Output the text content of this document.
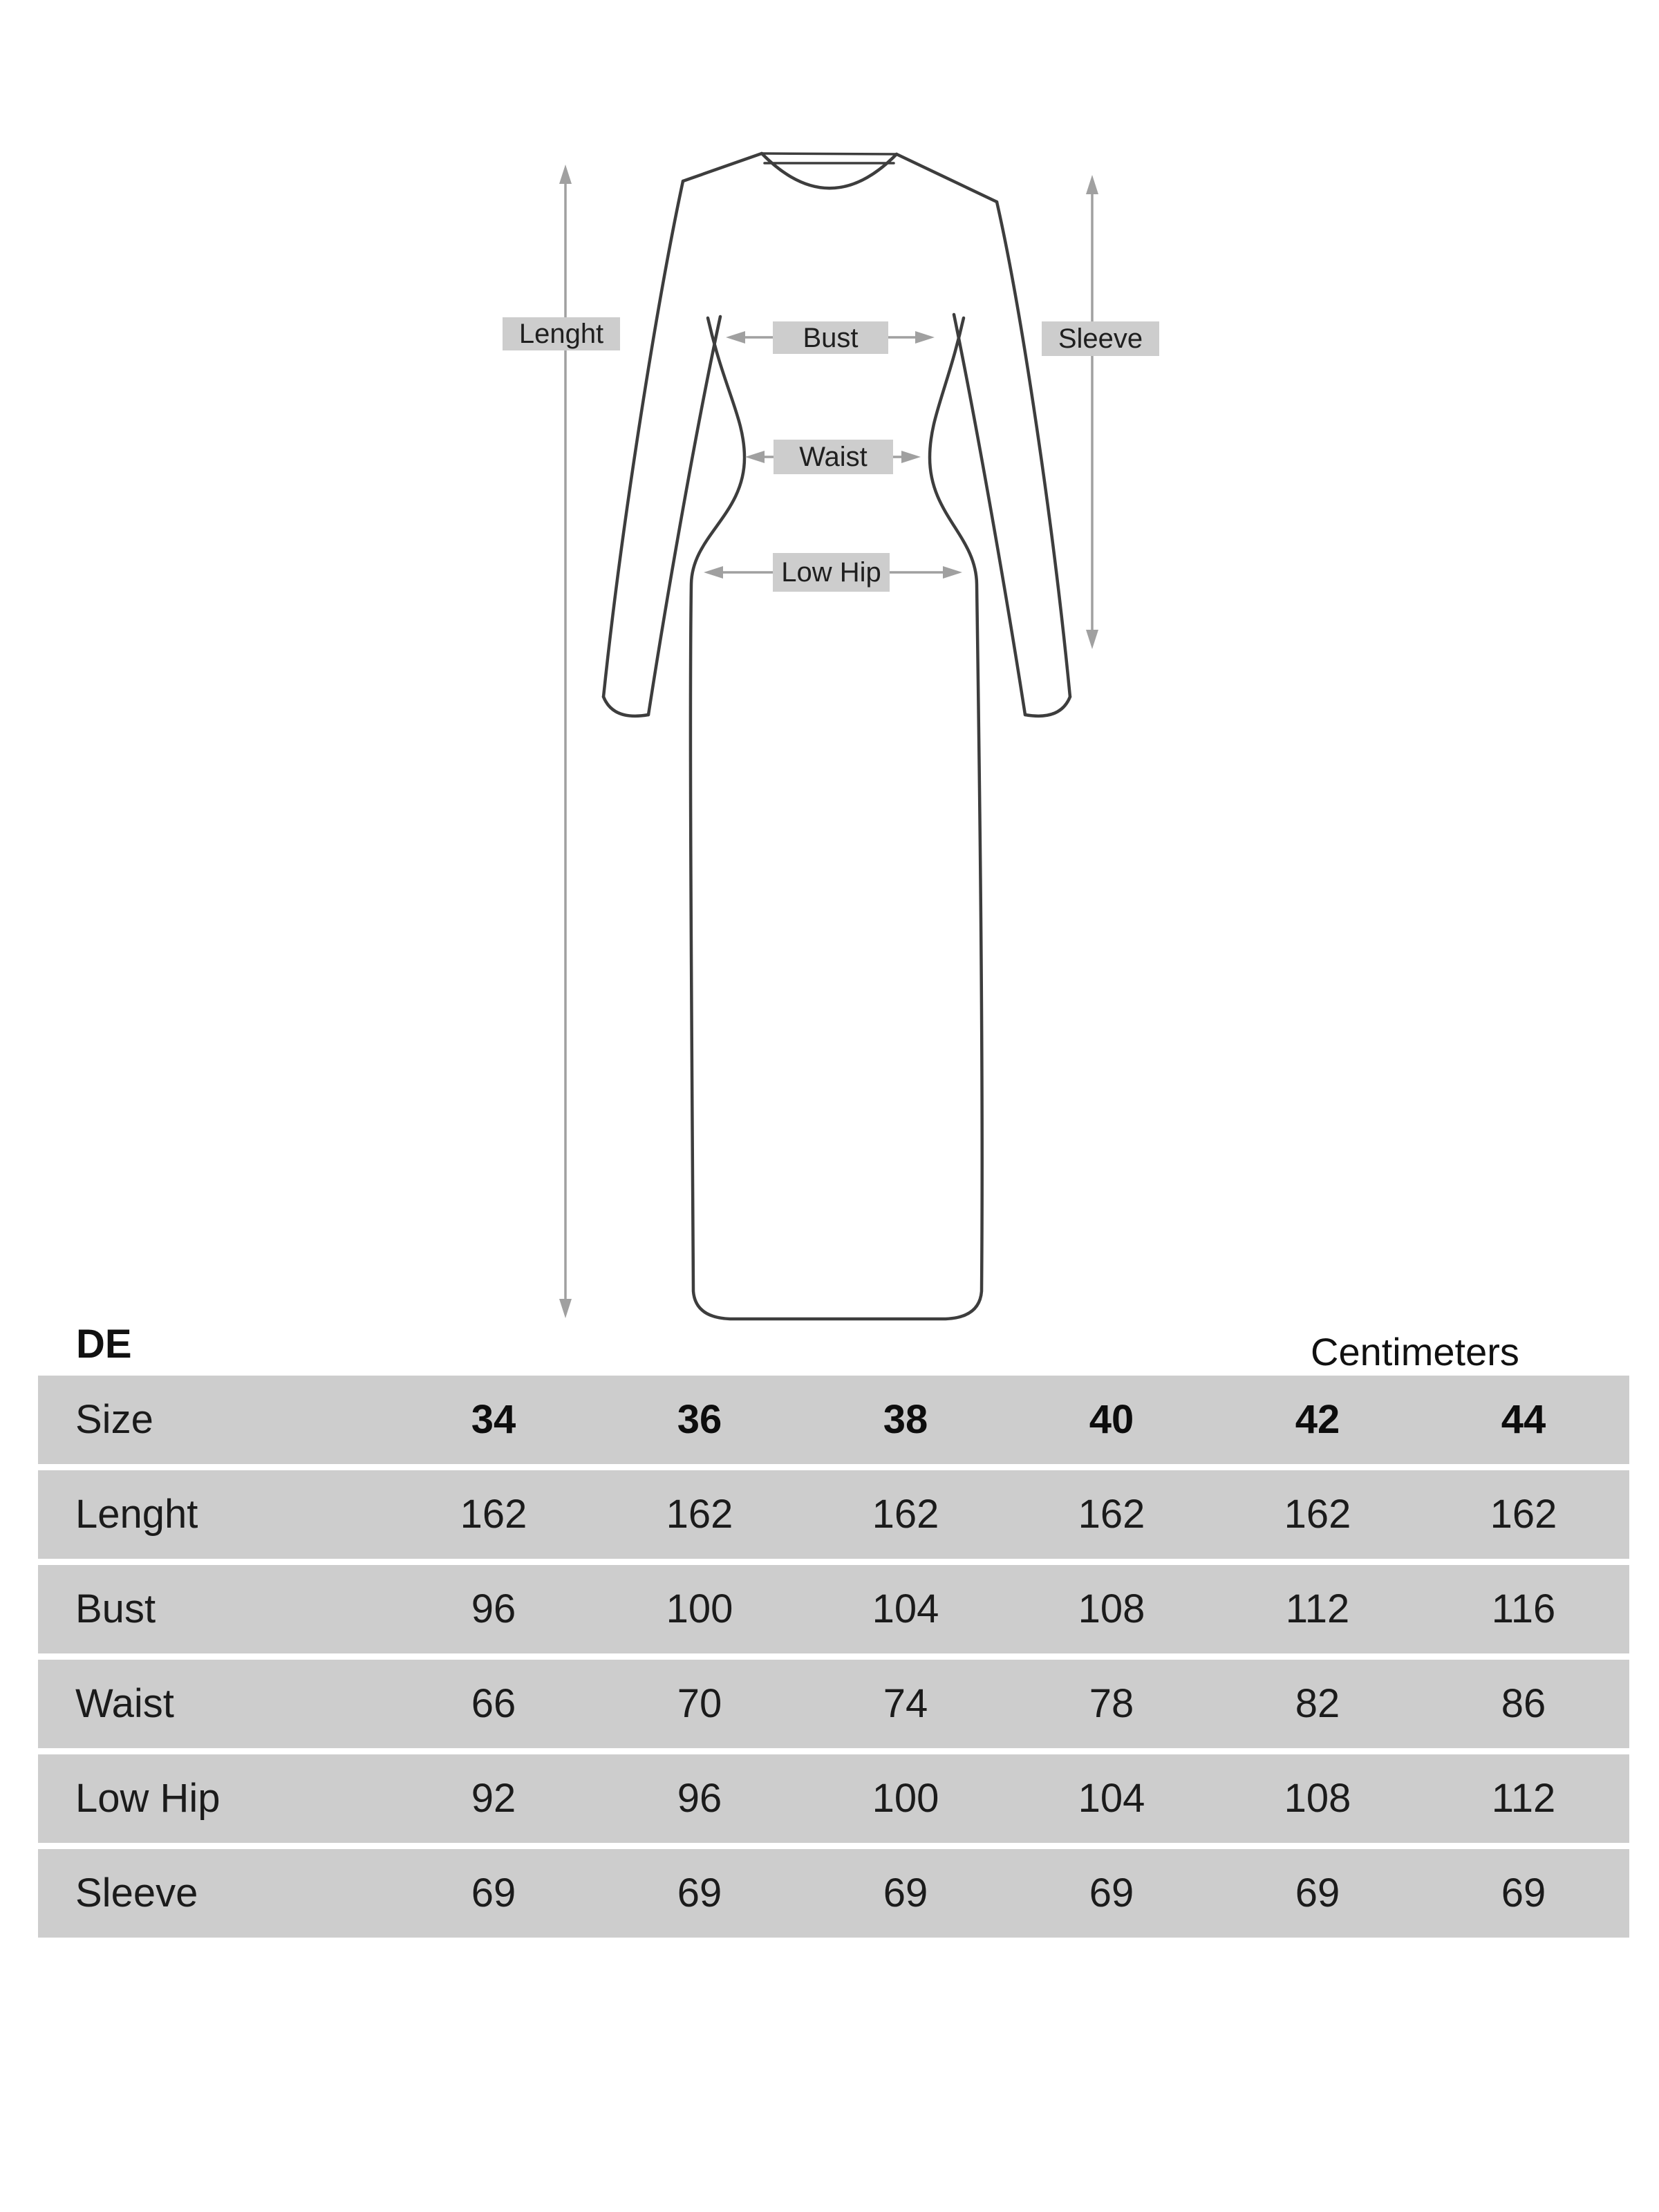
Lenght	Bust	Sleeve
Waist
Low Hip
DE	Centimeters
Size	34	36	38	40	42	44
Lenght	162	162	162	162	162	162
Bust	96	100	104	108	112	116
Waist	66	70	74	78	82	86
Low Hip	92	96	100	104	108	112
Sleeve	69	69	69	69	69	69
